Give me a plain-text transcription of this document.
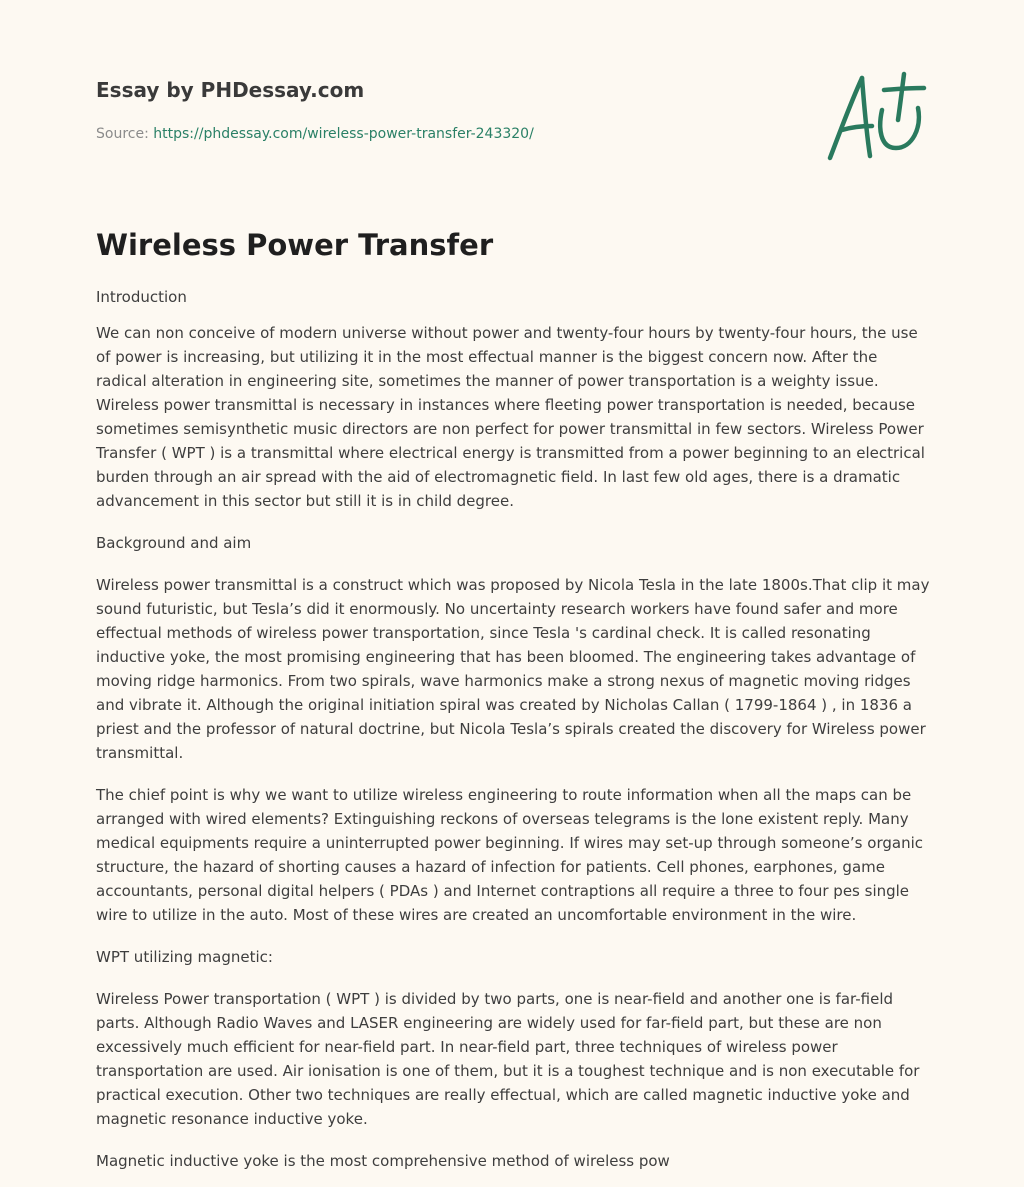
Essay by PHDessay.com
Source: https://phdessay.com/wireless-power-transfer-243320/
Wireless Power Transfer

Introduction

We can non conceive of modern universe without power and twenty-four hours by twenty-four hours, the use of power is increasing, but utilizing it in the most effectual manner is the biggest concern now. After the radical alteration in engineering site, sometimes the manner of power transportation is a weighty issue. Wireless power transmittal is necessary in instances where fleeting power transportation is needed, because sometimes semisynthetic music directors are non perfect for power transmittal in few sectors. Wireless Power Transfer ( WPT ) is a transmittal where electrical energy is transmitted from a power beginning to an electrical burden through an air spread with the aid of electromagnetic field. In last few old ages, there is a dramatic advancement in this sector but still it is in child degree.

Background and aim

Wireless power transmittal is a construct which was proposed by Nicola Tesla in the late 1800s.That clip it may sound futuristic, but Tesla’s did it enormously. No uncertainty research workers have found safer and more effectual methods of wireless power transportation, since Tesla 's cardinal check. It is called resonating inductive yoke, the most promising engineering that has been bloomed. The engineering takes advantage of moving ridge harmonics. From two spirals, wave harmonics make a strong nexus of magnetic moving ridges and vibrate it. Although the original initiation spiral was created by Nicholas Callan ( 1799-1864 ) , in 1836 a priest and the professor of natural doctrine, but Nicola Tesla’s spirals created the discovery for Wireless power transmittal.

The chief point is why we want to utilize wireless engineering to route information when all the maps can be arranged with wired elements? Extinguishing reckons of overseas telegrams is the lone existent reply. Many medical equipments require a uninterrupted power beginning. If wires may set-up through someone’s organic structure, the hazard of shorting causes a hazard of infection for patients. Cell phones, earphones, game accountants, personal digital helpers ( PDAs ) and Internet contraptions all require a three to four pes single wire to utilize in the auto. Most of these wires are created an uncomfortable environment in the wire.

WPT utilizing magnetic:

Wireless Power transportation ( WPT ) is divided by two parts, one is near-field and another one is far-field parts. Although Radio Waves and LASER engineering are widely used for far-field part, but these are non excessively much efficient for near-field part. In near-field part, three techniques of wireless power transportation are used. Air ionisation is one of them, but it is a toughest technique and is non executable for practical execution. Other two techniques are really effectual, which are called magnetic inductive yoke and magnetic resonance inductive yoke.

Magnetic inductive yoke is the most comprehensive method of wireless pow
